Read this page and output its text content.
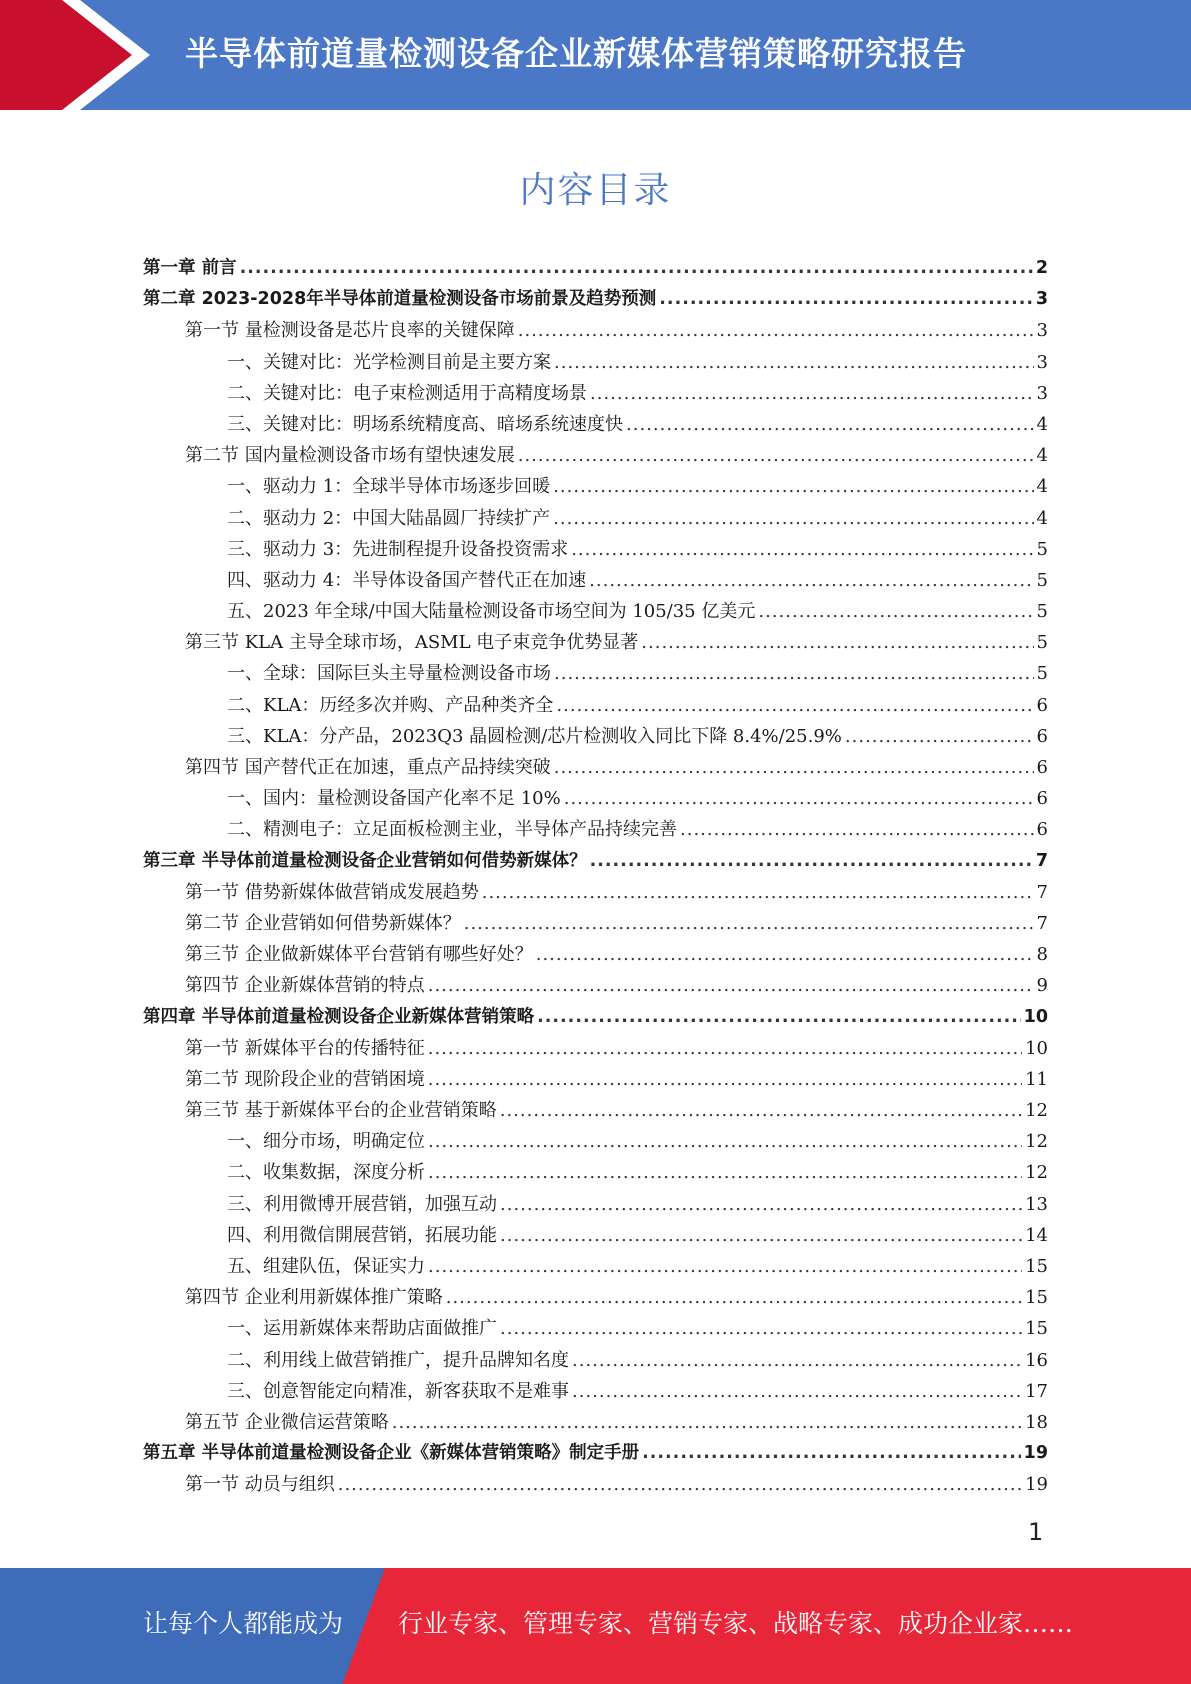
半导体前道量检测设备企业新媒体营销策略研究报告
内容目录
第一章 前言 .....	2
第二章 2023-2028年半导体前道量检测设备市场前景及趋势预测 .....	3
第一节 量检测设备是芯片良率的关键保障 .....	3
一、关键对比：光学检测目前是主要方案 .....	3
二、关键对比：电子束检测适用于高精度场景 .....	3
三、关键对比：明场系统精度高、暗场系统速度快 .....	4
第二节 国内量检测设备市场有望快速发展 .....	4
一、驱动力 1：全球半导体市场逐步回暖 .....	4
二、驱动力 2：中国大陆晶圆厂持续扩产 .....	4
三、驱动力 3：先进制程提升设备投资需求 .....	5
四、驱动力 4：半导体设备国产替代正在加速 .....	5
五、2023 年全球/中国大陆量检测设备市场空间为 105/35 亿美元 .....	5
第三节 KLA 主导全球市场，ASML 电子束竞争优势显著 .....	5
一、全球：国际巨头主导量检测设备市场 .....	5
二、KLA：历经多次并购、产品种类齐全 .....	6
三、KLA：分产品，2023Q3 晶圆检测/芯片检测收入同比下降 8.4%/25.9% .....	6
第四节 国产替代正在加速，重点产品持续突破 .....	6
一、国内：量检测设备国产化率不足 10% .....	6
二、精测电子：立足面板检测主业，半导体产品持续完善 .....	6
第三章 半导体前道量检测设备企业营销如何借势新媒体？ .....	7
第一节 借势新媒体做营销成发展趋势 .....	7
第二节 企业营销如何借势新媒体？ .....	7
第三节 企业做新媒体平台营销有哪些好处？ .....	8
第四节 企业新媒体营销的特点 .....	9
第四章 半导体前道量检测设备企业新媒体营销策略 .....	10
第一节 新媒体平台的传播特征 .....	10
第二节 现阶段企业的营销困境 .....	11
第三节 基于新媒体平台的企业营销策略 .....	12
一、细分市场，明确定位 .....	12
二、收集数据，深度分析 .....	12
三、利用微博开展营销，加强互动 .....	13
四、利用微信開展营销，拓展功能 .....	14
五、组建队伍，保证实力 .....	15
第四节 企业利用新媒体推广策略 .....	15
一、运用新媒体来帮助店面做推广 .....	15
二、利用线上做营销推广，提升品牌知名度 .....	16
三、创意智能定向精准，新客获取不是难事 .....	17
第五节 企业微信运营策略 .....	18
第五章 半导体前道量检测设备企业《新媒体营销策略》制定手册 .....	19
第一节 动员与组织 .....	19
1
让每个人都能成为 行业专家、管理专家、营销专家、战略专家、成功企业家……
